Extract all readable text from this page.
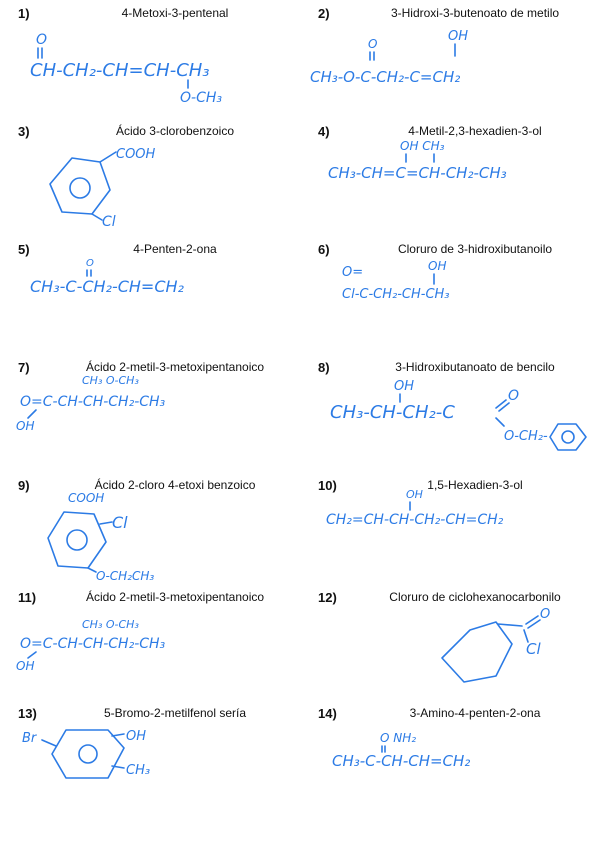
1)	4-Metoxi-3-pentenal
O
CH-CH₂-CH=CH-CH₃
O-CH₃
2)	3-Hidroxi-3-butenoato de metilo
O	OH
CH₃-O-C-CH₂-C=CH₂
3)	Ácido 3-clorobenzoico
COOH
Cl
4)	4-Metil-2,3-hexadien-3-ol
OH CH₃
CH₃-CH=C=CH-CH₂-CH₃
5)	4-Penten-2-ona
O
CH₃-C-CH₂-CH=CH₂
6)	Cloruro de 3-hidroxibutanoilo
OH
O=
Cl-C-CH₂-CH-CH₃
7)	Ácido 2-metil-3-metoxipentanoico
CH₃ O-CH₃
O=C-CH-CH-CH₂-CH₃
OH
8)	3-Hidroxibutanoato de bencilo
OH
CH₃-CH-CH₂-C
O
O-CH₂-
9)	Ácido 2-cloro 4-etoxi benzoico
COOH
Cl
O-CH₂CH₃
10)	1,5-Hexadien-3-ol
OH
CH₂=CH-CH-CH₂-CH=CH₂
11)	Ácido 2-metil-3-metoxipentanoico
CH₃ O-CH₃
O=C-CH-CH-CH₂-CH₃
OH
12)	Cloruro de ciclohexanocarbonilo
O
Cl
13)	5-Bromo-2-metilfenol sería
Br	OH
CH₃
14)	3-Amino-4-penten-2-ona
O NH₂
CH₃-C-CH-CH=CH₂
